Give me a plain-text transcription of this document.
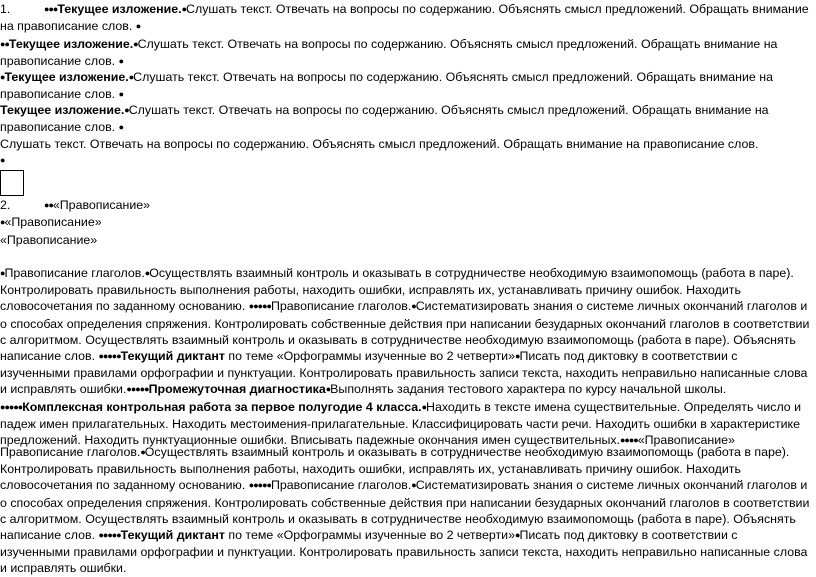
1.	●●●Текущее изложение.●Слушать текст. Отвечать на вопросы по содержанию. Объяснять смысл предложений. Обращать внимание на правописание слов. ●

●●Текущее изложение.●Слушать текст. Отвечать на вопросы по содержанию. Объяснять смысл предложений. Обращать внимание на правописание слов. ●

●Текущее изложение.●Слушать текст. Отвечать на вопросы по содержанию. Объяснять смысл предложений. Обращать внимание на правописание слов. ●

Текущее изложение.●Слушать текст. Отвечать на вопросы по содержанию. Объяснять смысл предложений. Обращать внимание на правописание слов. ●

Слушать текст. Отвечать на вопросы по содержанию. Объяснять смысл предложений. Обращать внимание на правописание слов.
●

2.	●●«Правописание»

●«Правописание»

«Правописание»

●Правописание глаголов.●Осуществлять взаимный контроль и оказывать в сотрудничестве необходимую взаимопомощь (работа в паре). Контролировать правильность выполнения работы, находить ошибки, исправлять их, устанавливать причину ошибок. Находить словосочетания по заданному основанию. ●●●●●Правописание глаголов.●Систематизировать знания о системе личных окончаний глаголов и о способах определения спряжения. Контролировать собственные действия при написании безударных окончаний глаголов в соответствии с алгоритмом. Осуществлять взаимный контроль и оказывать в сотрудничестве необходимую взаимопомощь (работа в паре). Объяснять написание слов. ●●●●●Текущий диктант по теме «Орфограммы изученные во 2 четверти»●Писать под диктовку в соответствии с изученными правилами орфографии и пунктуации. Контролировать правильность записи текста, находить неправильно написанные слова и исправлять ошибки.●●●●●Промежуточная диагностика●Выполнять задания тестового характера по курсу начальной школы. ●●●●●Комплексная контрольная работа за первое полугодие 4 класса.●Находить в тексте имена существительные. Определять число и падеж имен прилагательных. Находить местоимения-прилагательные. Классифицировать части речи. Находить ошибки в характеристике предложений. Находить пунктуационные ошибки. Вписывать падежные окончания имен существительных.●●●●«Правописание»

Правописание глаголов.●Осуществлять взаимный контроль и оказывать в сотрудничестве необходимую взаимопомощь (работа в паре). Контролировать правильность выполнения работы, находить ошибки, исправлять их, устанавливать причину ошибок. Находить словосочетания по заданному основанию. ●●●●●Правописание глаголов.●Систематизировать знания о системе личных окончаний глаголов и о способах определения спряжения. Контролировать собственные действия при написании безударных окончаний глаголов в соответствии с алгоритмом. Осуществлять взаимный контроль и оказывать в сотрудничестве необходимую взаимопомощь (работа в паре). Объяснять написание слов. ●●●●●Текущий диктант по теме «Орфограммы изученные во 2 четверти»●Писать под диктовку в соответствии с изученными правилами орфографии и пунктуации. Контролировать правильность записи текста, находить неправильно написанные слова и исправлять ошибки.
